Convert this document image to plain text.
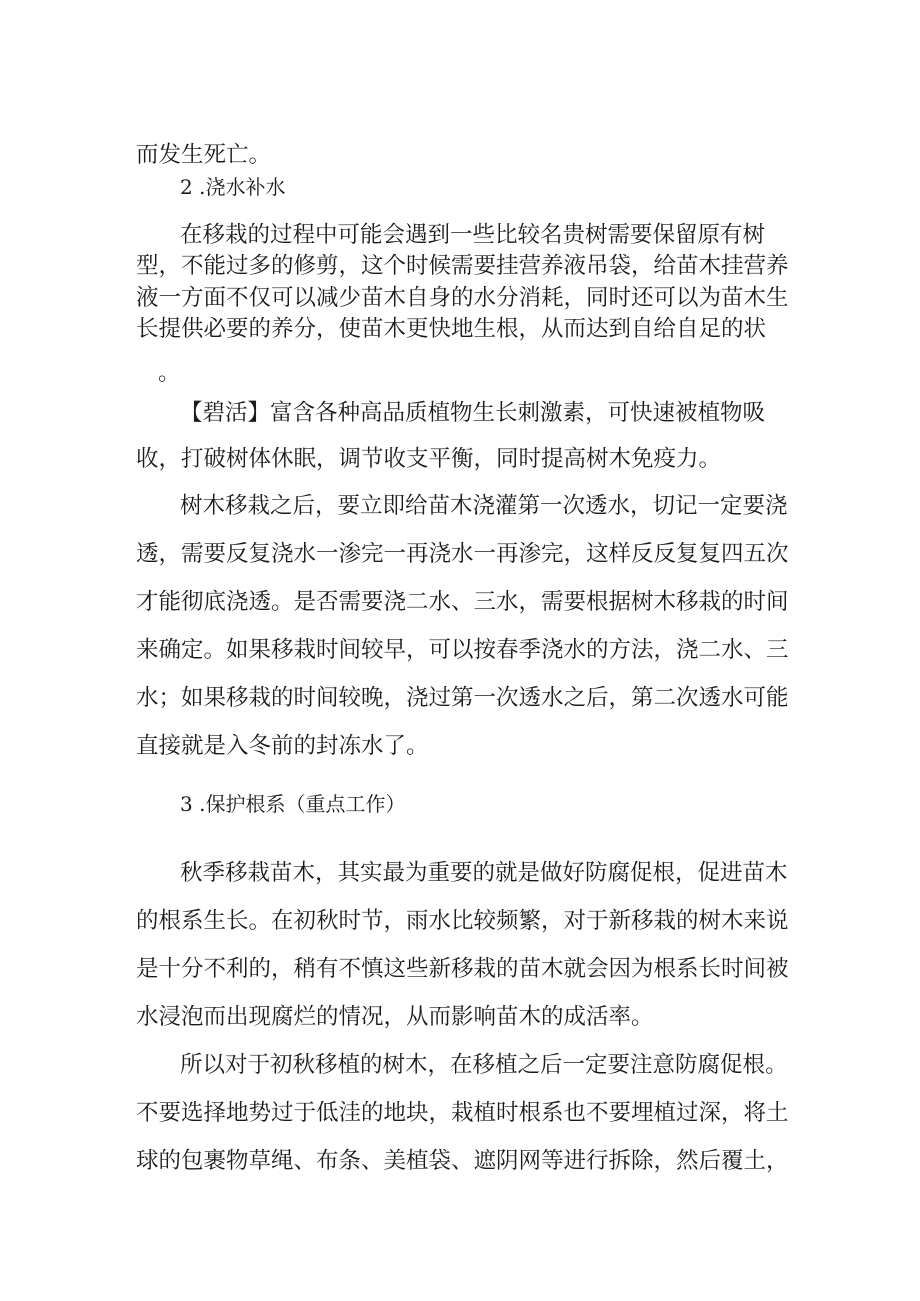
而发生死亡。

2 .浇水补水

在移栽的过程中可能会遇到一些比较名贵树需要保留原有树

型，不能过多的修剪，这个时候需要挂营养液吊袋，给苗木挂营养

液一方面不仅可以减少苗木自身的水分消耗，同时还可以为苗木生

长提供必要的养分，使苗木更快地生根，从而达到自给自足的状

。

【碧活】富含各种高品质植物生长刺激素，可快速被植物吸

收，打破树体休眠，调节收支平衡，同时提高树木免疫力。

树木移栽之后，要立即给苗木浇灌第一次透水，切记一定要浇

透，需要反复浇水一渗完一再浇水一再渗完，这样反反复复四五次

才能彻底浇透。是否需要浇二水、三水，需要根据树木移栽的时间

来确定。如果移栽时间较早，可以按春季浇水的方法，浇二水、三

水；如果移栽的时间较晚，浇过第一次透水之后，第二次透水可能

直接就是入冬前的封冻水了。

3 .保护根系（重点工作）

秋季移栽苗木，其实最为重要的就是做好防腐促根，促进苗木

的根系生长。在初秋时节，雨水比较频繁，对于新移栽的树木来说

是十分不利的，稍有不慎这些新移栽的苗木就会因为根系长时间被

水浸泡而出现腐烂的情况，从而影响苗木的成活率。

所以对于初秋移植的树木，在移植之后一定要注意防腐促根。

不要选择地势过于低洼的地块，栽植时根系也不要埋植过深，将土

球的包裹物草绳、布条、美植袋、遮阴网等进行拆除，然后覆土，
